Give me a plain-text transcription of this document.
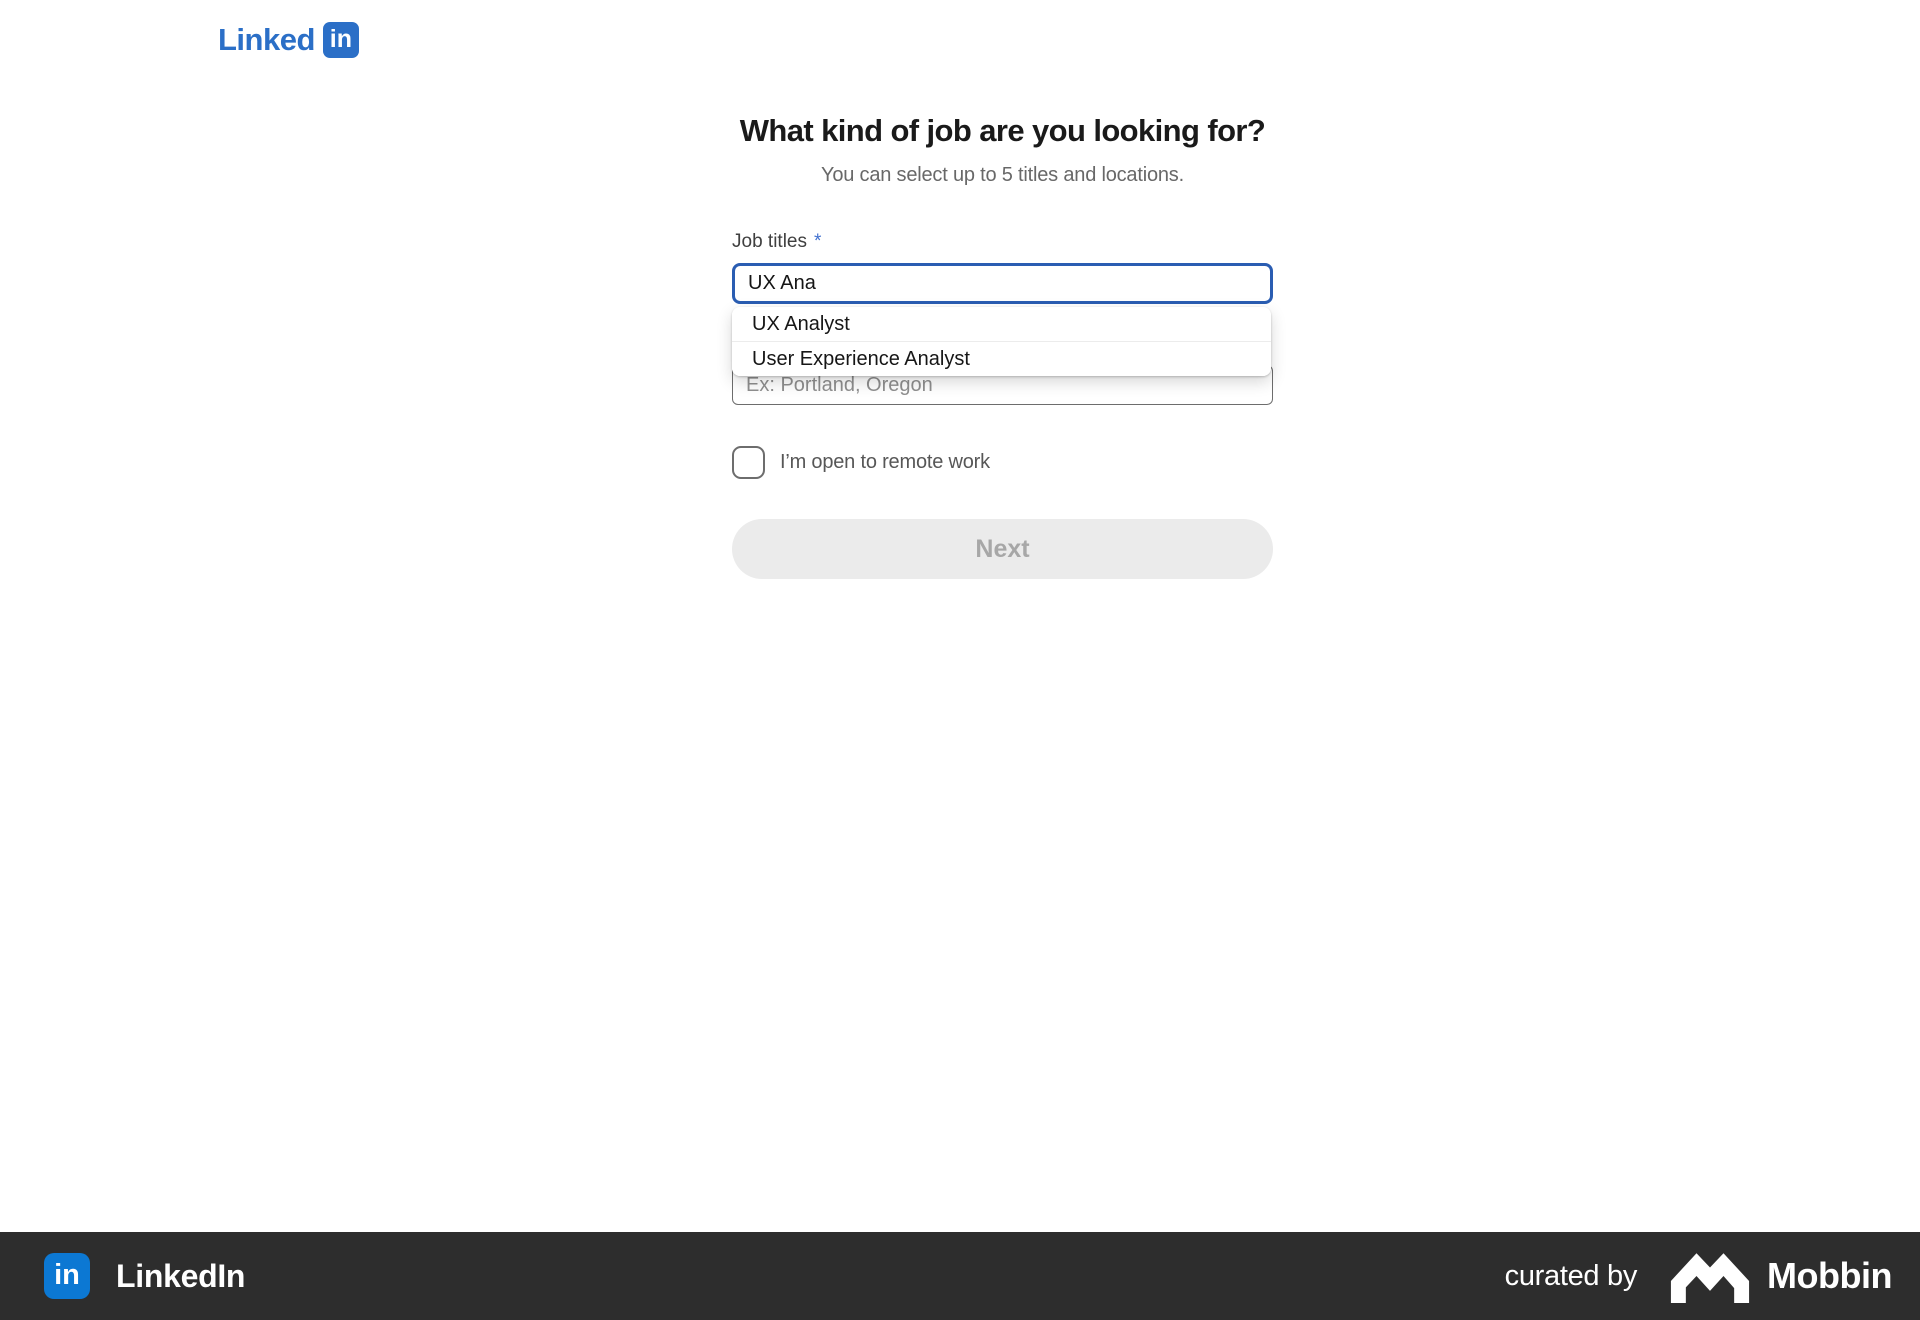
Linked in
What kind of job are you looking for?

You can select up to 5 titles and locations.

Job titles *
UX Ana
UX Analyst
User Experience Analyst
Ex: Portland, Oregon
I’m open to remote work
Next
in	LinkedIn	curated by	Mobbin
